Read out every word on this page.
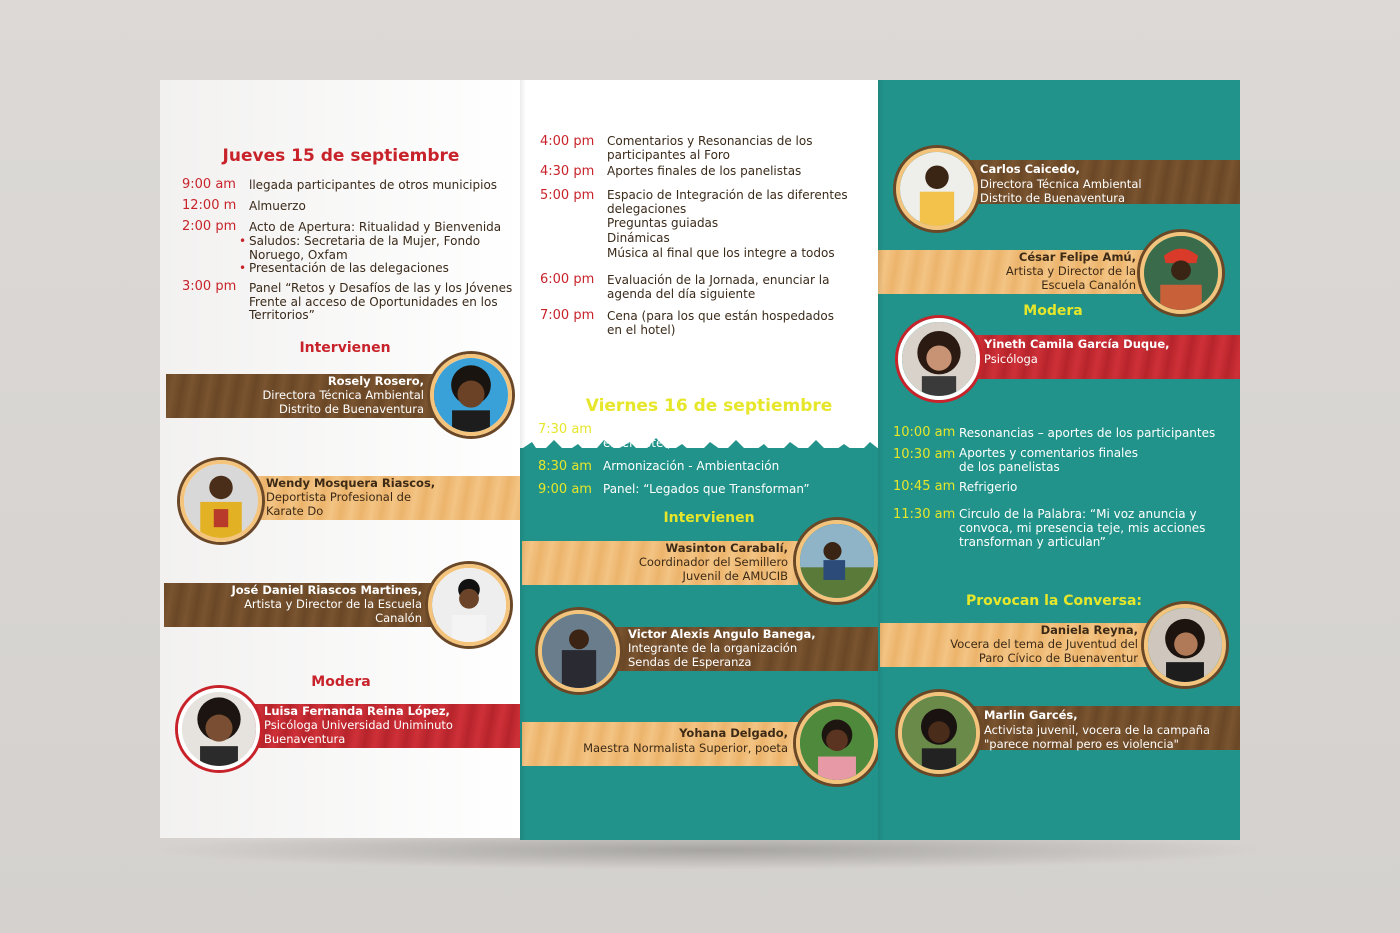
Jueves 15 de septiembre
9:00 am llegada participantes de otros municipios
12:00 m Almuerzo
2:00 pm Acto de Apertura: Ritualidad y Bienvenida
• Saludos: Secretaria de la Mujer, Fondo
Noruego, Oxfam
• Presentación de las delegaciones
3:00 pm Panel “Retos y Desafíos de las y los Jóvenes
Frente al acceso de Oportunidades en los
Territorios”
Intervienen
Rosely Rosero,
Directora Técnica Ambiental
Distrito de Buenaventura
Wendy Mosquera Riascos,
Deportista Profesional de
Karate Do
José Daniel Riascos Martines,
Artista y Director de la Escuela
Canalón
Modera
Luisa Fernanda Reina López,
Psicóloga Universidad Uniminuto
Buenaventura
4:00 pm Comentarios y Resonancias de los
participantes al Foro
4:30 pm Aportes finales de los panelistas
5:00 pm Espacio de Integración de las diferentes
delegaciones
Preguntas guiadas
Dinámicas
Música al final que los integre a todos
6:00 pm Evaluación de la Jornada, enunciar la
agenda del día siguiente
7:00 pm Cena (para los que están hospedados
en el hotel)
Viernes 16 de septiembre
7:30 am Desayuno (para los que están hospedados
en el hotel)
8:30 am Armonización - Ambientación
9:00 am Panel: “Legados que Transforman”
Intervienen
Wasinton Carabalí,
Coordinador del Semillero
Juvenil de AMUCIB
Victor Alexis Angulo Banega,
Integrante de la organización
Sendas de Esperanza
Yohana Delgado,
Maestra Normalista Superior, poeta
Carlos Caicedo,
Directora Técnica Ambiental
Distrito de Buenaventura
César Felipe Amú,
Artista y Director de la
Escuela Canalón
Modera
Yineth Camila García Duque,
Psicóloga
10:00 am Resonancias – aportes de los participantes
10:30 am Aportes y comentarios finales
de los panelistas
10:45 am Refrigerio
11:30 am Circulo de la Palabra: “Mi voz anuncia y
convoca, mi presencia teje, mis acciones
transforman y articulan”
Provocan la Conversa:
Daniela Reyna,
Vocera del tema de Juventud del
Paro Cívico de Buenaventur
Marlin Garcés,
Activista juvenil, vocera de la campaña
"parece normal pero es violencia"
